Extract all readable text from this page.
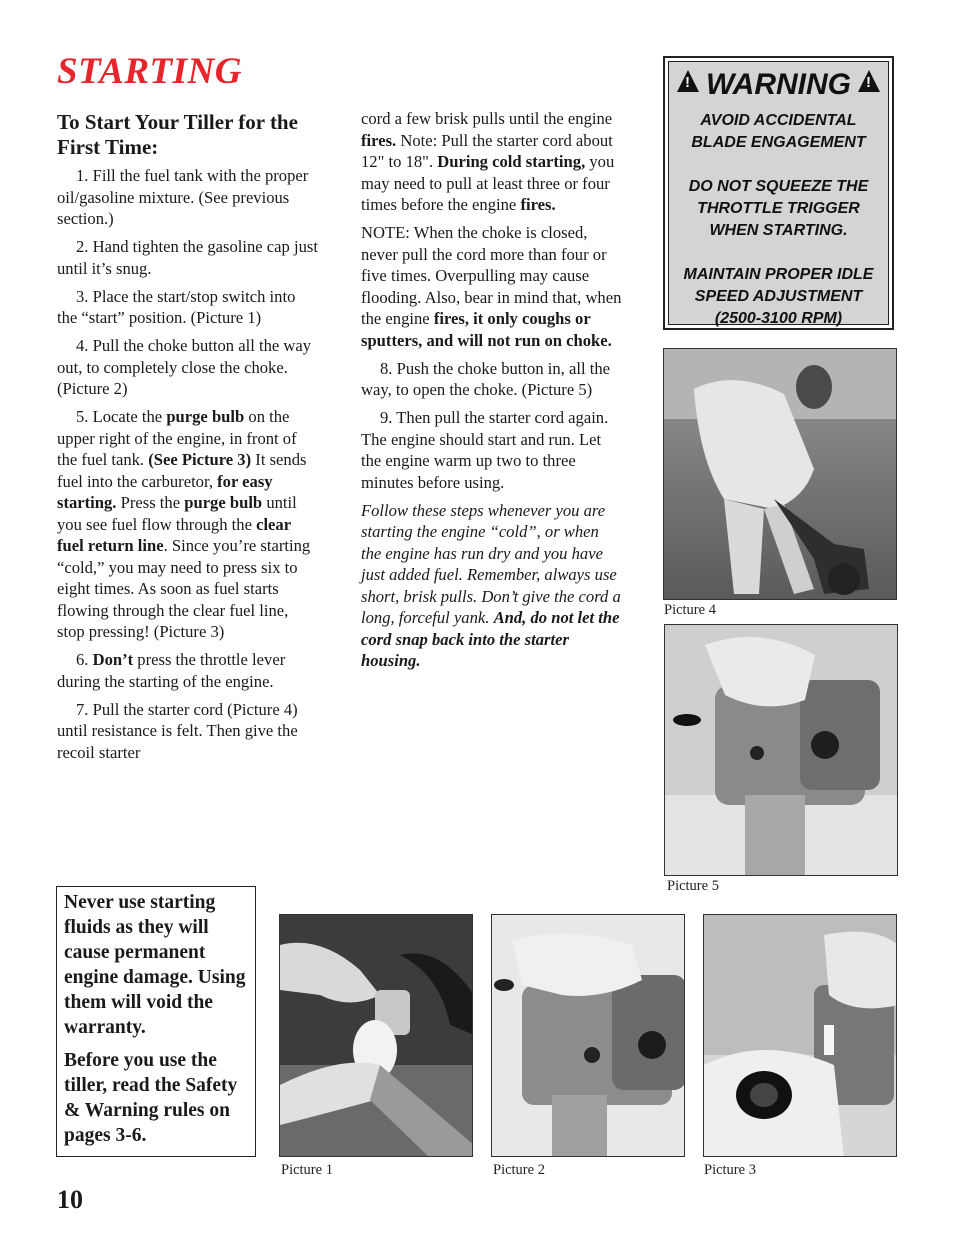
STARTING
To Start Your Tiller for the First Time:

1. Fill the fuel tank with the proper oil/gasoline mixture. (See previous section.)

2. Hand tighten the gasoline cap just until it’s snug.

3. Place the start/stop switch into the “start” position. (Picture 1)

4. Pull the choke button all the way out, to completely close the choke. (Picture 2)

5. Locate the purge bulb on the upper right of the engine, in front of the fuel tank. (See Picture 3) It sends fuel into the carburetor, for easy starting. Press the purge bulb until you see fuel flow through the clear fuel return line. Since you’re starting “cold,” you may need to press six to eight times. As soon as fuel starts flowing through the clear fuel line, stop pressing! (Picture 3)

6. Don’t press the throttle lever during the starting of the engine.

7. Pull the starter cord (Picture 4) until resistance is felt. Then give the recoil starter

cord a few brisk pulls until the engine fires. Note: Pull the starter cord about 12" to 18". During cold starting, you may need to pull at least three or four times before the engine fires.

NOTE: When the choke is closed, never pull the cord more than four or five times. Overpulling may cause flooding. Also, bear in mind that, when the engine fires, it only coughs or sputters, and will not run on choke.

8. Push the choke button in, all the way, to open the choke. (Picture 5)

9. Then pull the starter cord again. The engine should start and run. Let the engine warm up two to three minutes before using.

Follow these steps whenever you are starting the engine “cold”, or when the engine has run dry and you have just added fuel. Remember, always use short, brisk pulls. Don’t give the cord a long, forceful yank. And, do not let the cord snap back into the starter housing.

!	!
WARNING

AVOID ACCIDENTAL BLADE ENGAGEMENT

DO NOT SQUEEZE THE THROTTLE TRIGGER WHEN STARTING.

MAINTAIN PROPER IDLE SPEED ADJUSTMENT (2500-3100 RPM)

Picture 4
Picture 5

Never use starting fluids as they will cause permanent engine damage. Using them will void the warranty.

Before you use the tiller, read the Safety & Warning rules on pages 3-6.

Picture 1	Picture 2	Picture 3
10
